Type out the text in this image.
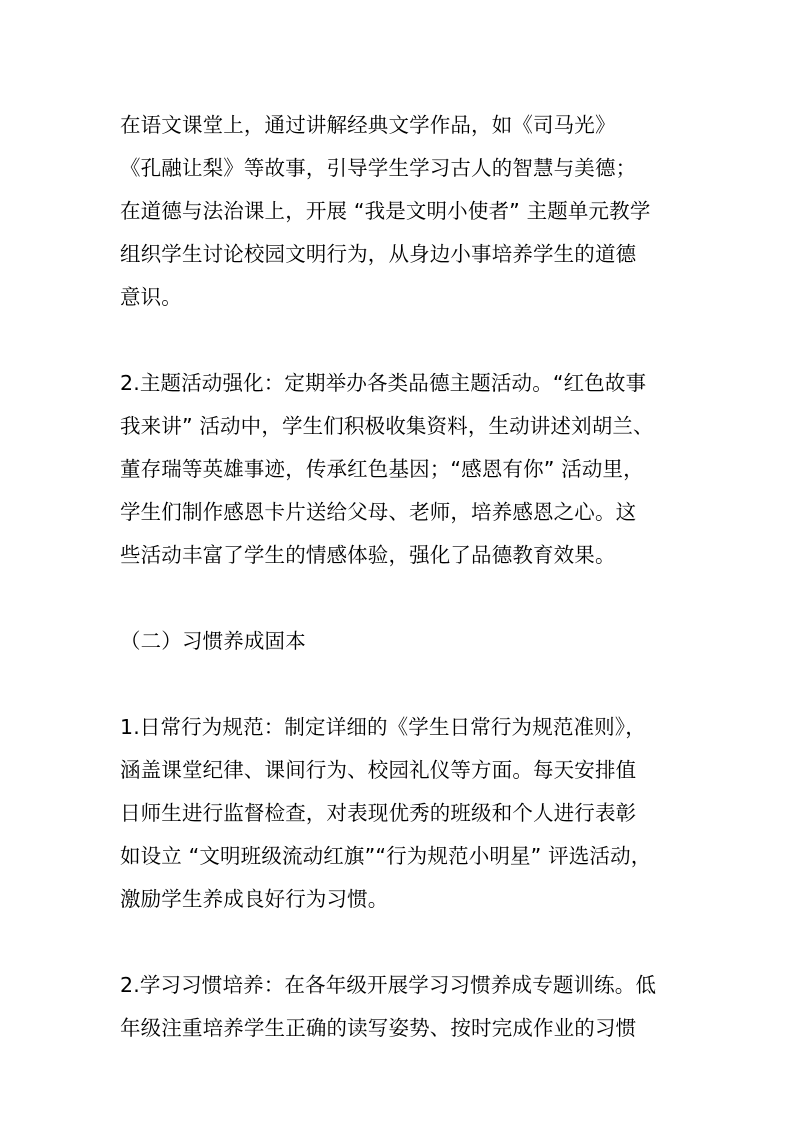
在语文课堂上，通过讲解经典文学作品，如《司马光》
《孔融让梨》等故事，引导学生学习古人的智慧与美德；
在道德与法治课上，开展 “我是文明小使者” 主题单元教学
组织学生讨论校园文明行为，从身边小事培养学生的道德
意识。
2.主题活动强化：定期举办各类品德主题活动。“红色故事
我来讲” 活动中，学生们积极收集资料，生动讲述刘胡兰、
董存瑞等英雄事迹，传承红色基因；“感恩有你” 活动里，
学生们制作感恩卡片送给父母、老师，培养感恩之心。这
些活动丰富了学生的情感体验，强化了品德教育效果。
（二）习惯养成固本
1.日常行为规范：制定详细的《学生日常行为规范准则》，
涵盖课堂纪律、课间行为、校园礼仪等方面。每天安排值
日师生进行监督检查，对表现优秀的班级和个人进行表彰
如设立 “文明班级流动红旗”“行为规范小明星” 评选活动，
激励学生养成良好行为习惯。
2.学习习惯培养：在各年级开展学习习惯养成专题训练。低
年级注重培养学生正确的读写姿势、按时完成作业的习惯
